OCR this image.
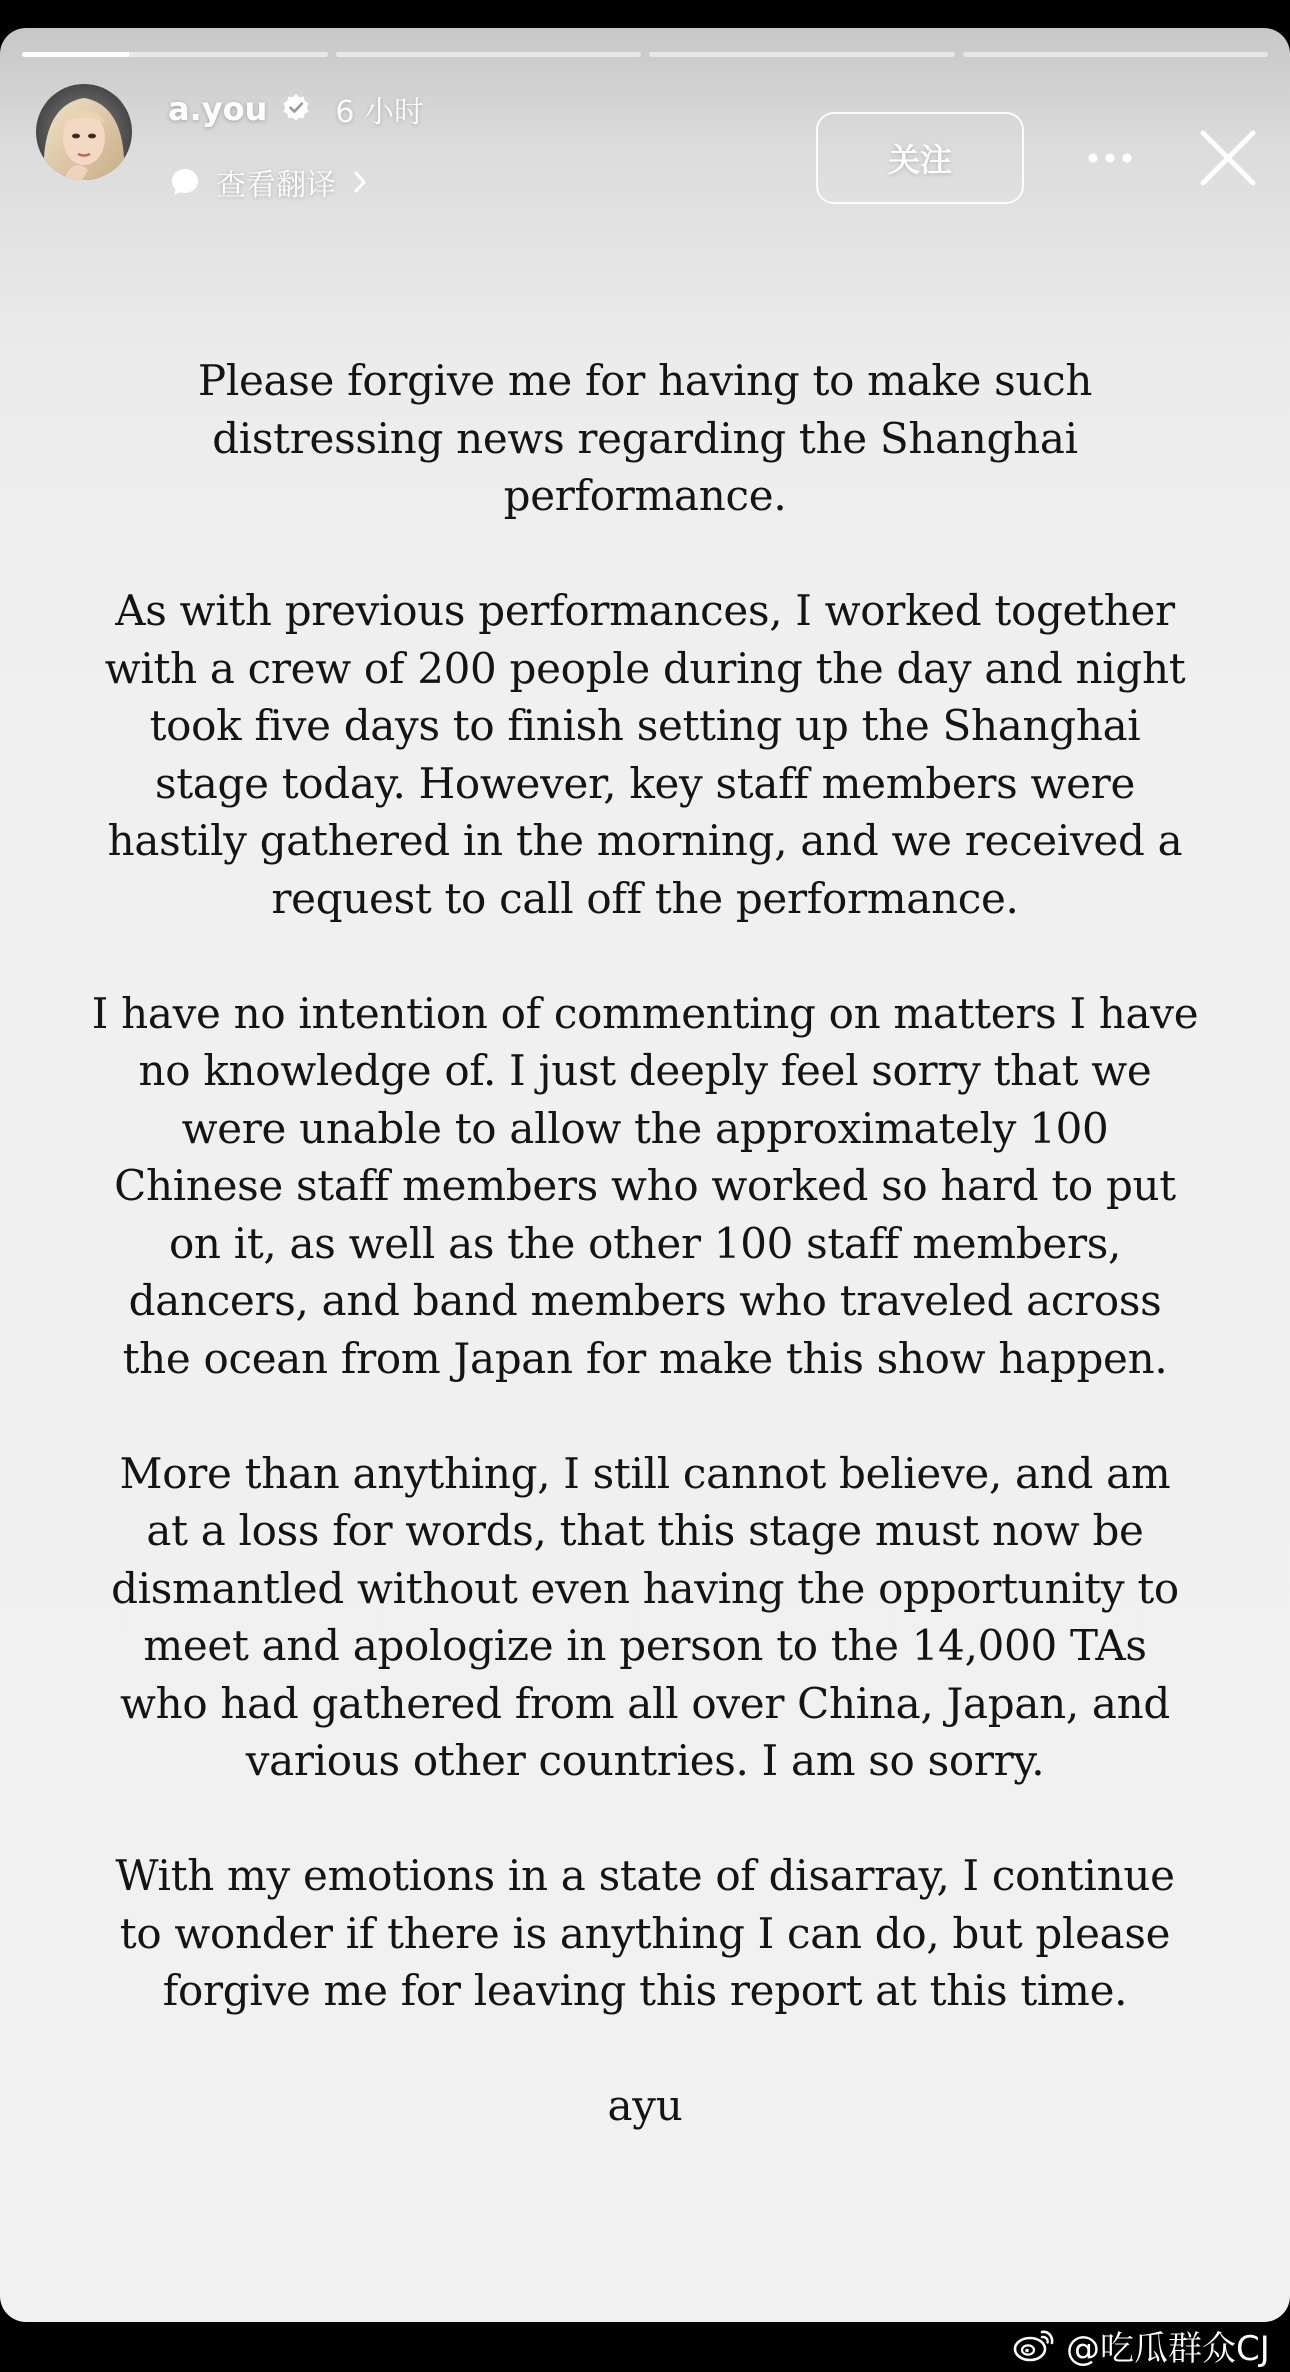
a.you 6 小时
查看翻译
关注

Please forgive me for having to make such
distressing news regarding the Shanghai
performance.

As with previous performances, I worked together
with a crew of 200 people during the day and night
took five days to finish setting up the Shanghai
stage today. However, key staff members were
hastily gathered in the morning, and we received a
request to call off the performance.

I have no intention of commenting on matters I have
no knowledge of. I just deeply feel sorry that we
were unable to allow the approximately 100
Chinese staff members who worked so hard to put
on it, as well as the other 100 staff members,
dancers, and band members who traveled across
the ocean from Japan for make this show happen.

More than anything, I still cannot believe, and am
at a loss for words, that this stage must now be
dismantled without even having the opportunity to
meet and apologize in person to the 14,000 TAs
who had gathered from all over China, Japan, and
various other countries. I am so sorry.

With my emotions in a state of disarray, I continue
to wonder if there is anything I can do, but please
forgive me for leaving this report at this time.

ayu

@吃瓜群众CJ
